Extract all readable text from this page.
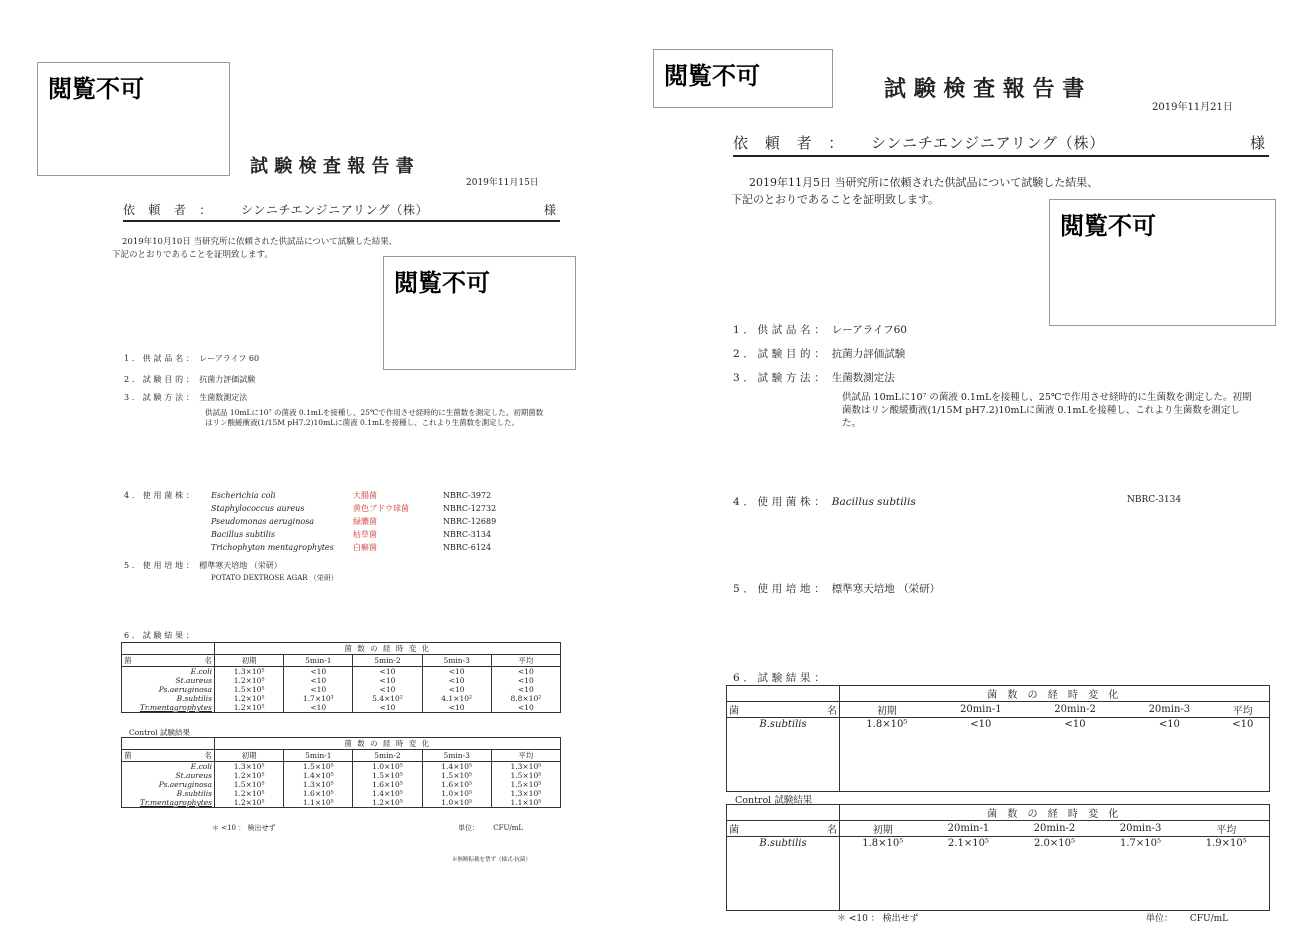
閲覧不可
試験検査報告書
2019年11月15日
依 頼 者 ： シンニチエンジニアリング（株）	様
2019年10月10日 当研究所に依頼された供試品について試験した結果、
下記のとおりであることを証明致します。
閲覧不可
1．供試品名： レーアライフ 60
2．試験目的： 抗菌力評価試験
3．試験方法： 生菌数測定法
供試品 10mLに10⁷ の菌液 0.1mLを接種し、25℃で作用させ経時的に生菌数を測定した。初期菌数はリン酸緩衝液(1/15M pH7.2)10mLに菌液 0.1mLを接種し、これより生菌数を測定した。
4．使用菌株： Escherichia coli	大腸菌	NBRC-3972
Staphylococcus aureus	黄色ブドウ球菌	NBRC-12732
Pseudomonas aeruginosa	緑膿菌	NBRC-12689
Bacillus subtilis	枯草菌	NBRC-3134
Trichophyton mentagrophytes 白癬菌	NBRC-6124
5．使用培地： 標準寒天培地 （栄研）
POTATO DEXTROSE AGAR （栄研）
6．試験結果：
	菌 数 の 経 時 変 化				
菌 名	初期	5min-1	5min-2	5min-3	平均
E.coli	1.3×10⁵	<10	<10	<10	<10
St.aureus	1.2×10⁵	<10	<10	<10	<10
Ps.aeruginosa	1.5×10⁵	<10	<10	<10	<10
B.subtilis	1.2×10⁵	1.7×10³	5.4×10²	4.1×10²	8.8×10²
Tr.mentagrophytes	1.2×10⁵	<10	<10	<10	<10
Control 試験結果
	菌 数 の 経 時 変 化				
菌 名	初期	5min-1	5min-2	5min-3	平均
E.coli	1.3×10⁵	1.5×10⁵	1.0×10⁵	1.4×10⁵	1.3×10⁵
St.aureus	1.2×10⁵	1.4×10⁵	1.5×10⁵	1.5×10⁵	1.5×10⁵
Ps.aeruginosa	1.5×10⁵	1.3×10⁵	1.6×10⁵	1.6×10⁵	1.5×10⁵
B.subtilis	1.2×10⁵	1.6×10⁵	1.4×10⁵	1.0×10⁵	1.3×10⁵
Tr.mentagrophytes	1.2×10⁵	1.1×10⁵	1.2×10⁵	1.0×10⁵	1.1×10⁵
＊ <10 ： 検出せず	単位： CFU/mL
※無断転載を禁ず（様式-抗菌）
閲覧不可	試験検査報告書
2019年11月21日
依 頼 者 ： シンニチエンジニアリング（株）	様
2019年11月5日 当研究所に依頼された供試品について試験した結果、
下記のとおりであることを証明致します。
閲覧不可
1．供試品名： レーアライフ60
2．試験目的： 抗菌力評価試験
3．試験方法： 生菌数測定法
供試品 10mLに10⁷ の菌液 0.1mLを接種し、25℃で作用させ経時的に生菌数を測定した。初期菌数はリン酸緩衝液(1/15M pH7.2)10mLに菌液 0.1mLを接種し、これより生菌数を測定した。
4．使用菌株： Bacillus subtilis	NBRC-3134
5．使用培地： 標準寒天培地 （栄研）
6．試験結果：
	菌 数 の 経 時 変 化				
菌 名	初期	20min-1	20min-2	20min-3	平均
B.subtilis	1.8×10⁵	<10	<10	<10	<10

Control 試験結果
	菌 数 の 経 時 変 化				
菌 名	初期	20min-1	20min-2	20min-3	平均
B.subtilis	1.8×10⁵	2.1×10⁵	2.0×10⁵	1.7×10⁵	1.9×10⁵

＊ <10 ： 検出せず	単位： CFU/mL
